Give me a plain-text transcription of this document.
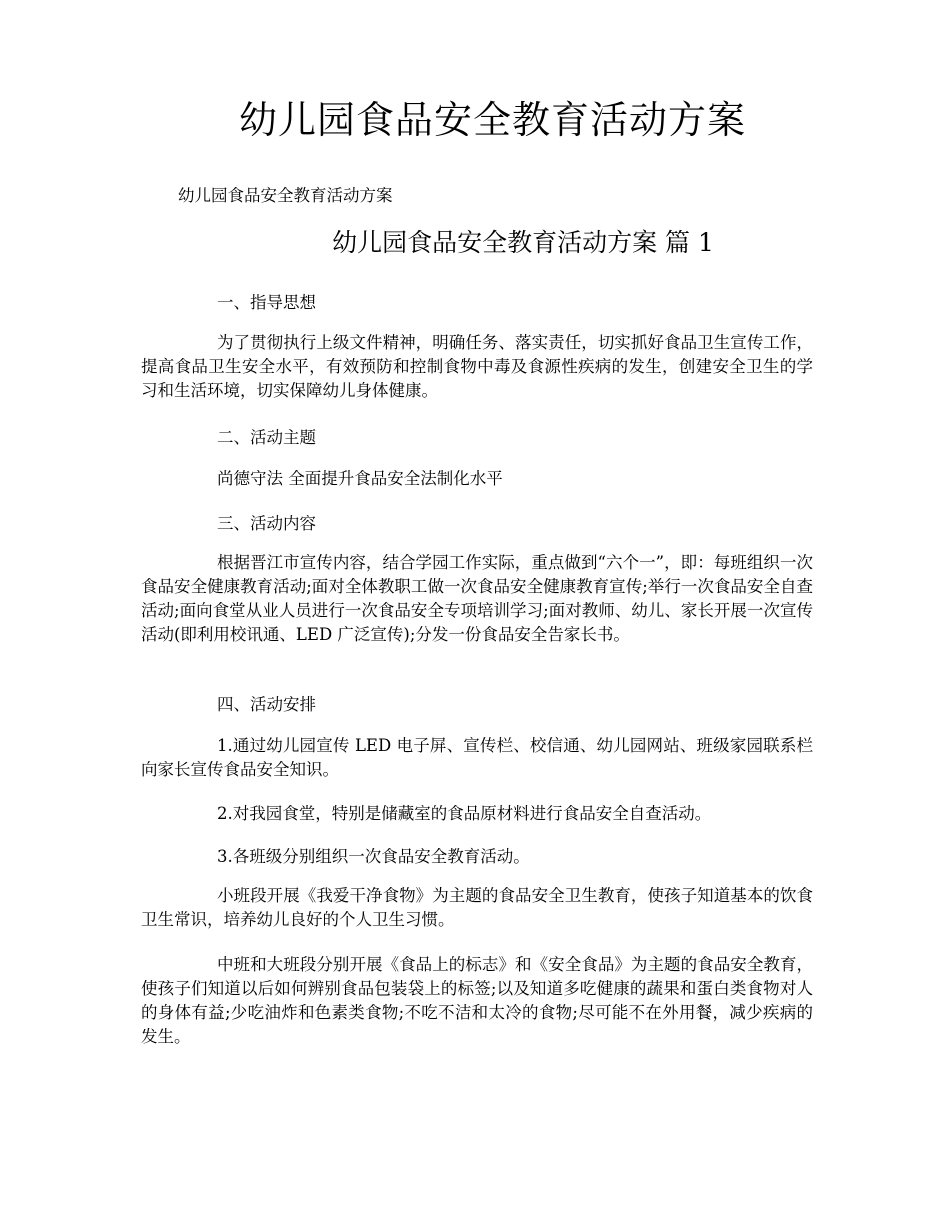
幼儿园食品安全教育活动方案
幼儿园食品安全教育活动方案
幼儿园食品安全教育活动方案 篇 1

一、指导思想

为了贯彻执行上级文件精神，明确任务、落实责任，切实抓好食品卫生宣传工作，提高食品卫生安全水平，有效预防和控制食物中毒及食源性疾病的发生，创建安全卫生的学习和生活环境，切实保障幼儿身体健康。

二、活动主题

尚德守法 全面提升食品安全法制化水平

三、活动内容

根据晋江市宣传内容，结合学园工作实际，重点做到“六个一”，即：每班组织一次食品安全健康教育活动;面对全体教职工做一次食品安全健康教育宣传;举行一次食品安全自查活动;面向食堂从业人员进行一次食品安全专项培训学习;面对教师、幼儿、家长开展一次宣传活动(即利用校讯通、LED 广泛宣传);分发一份食品安全告家长书。

四、活动安排

1.通过幼儿园宣传 LED 电子屏、宣传栏、校信通、幼儿园网站、班级家园联系栏向家长宣传食品安全知识。

2.对我园食堂，特别是储藏室的食品原材料进行食品安全自查活动。

3.各班级分别组织一次食品安全教育活动。

小班段开展《我爱干净食物》为主题的食品安全卫生教育，使孩子知道基本的饮食卫生常识，培养幼儿良好的个人卫生习惯。

中班和大班段分别开展《食品上的标志》和《安全食品》为主题的食品安全教育，使孩子们知道以后如何辨别食品包装袋上的标签;以及知道多吃健康的蔬果和蛋白类食物对人的身体有益;少吃油炸和色素类食物;不吃不洁和太冷的食物;尽可能不在外用餐，减少疾病的发生。
